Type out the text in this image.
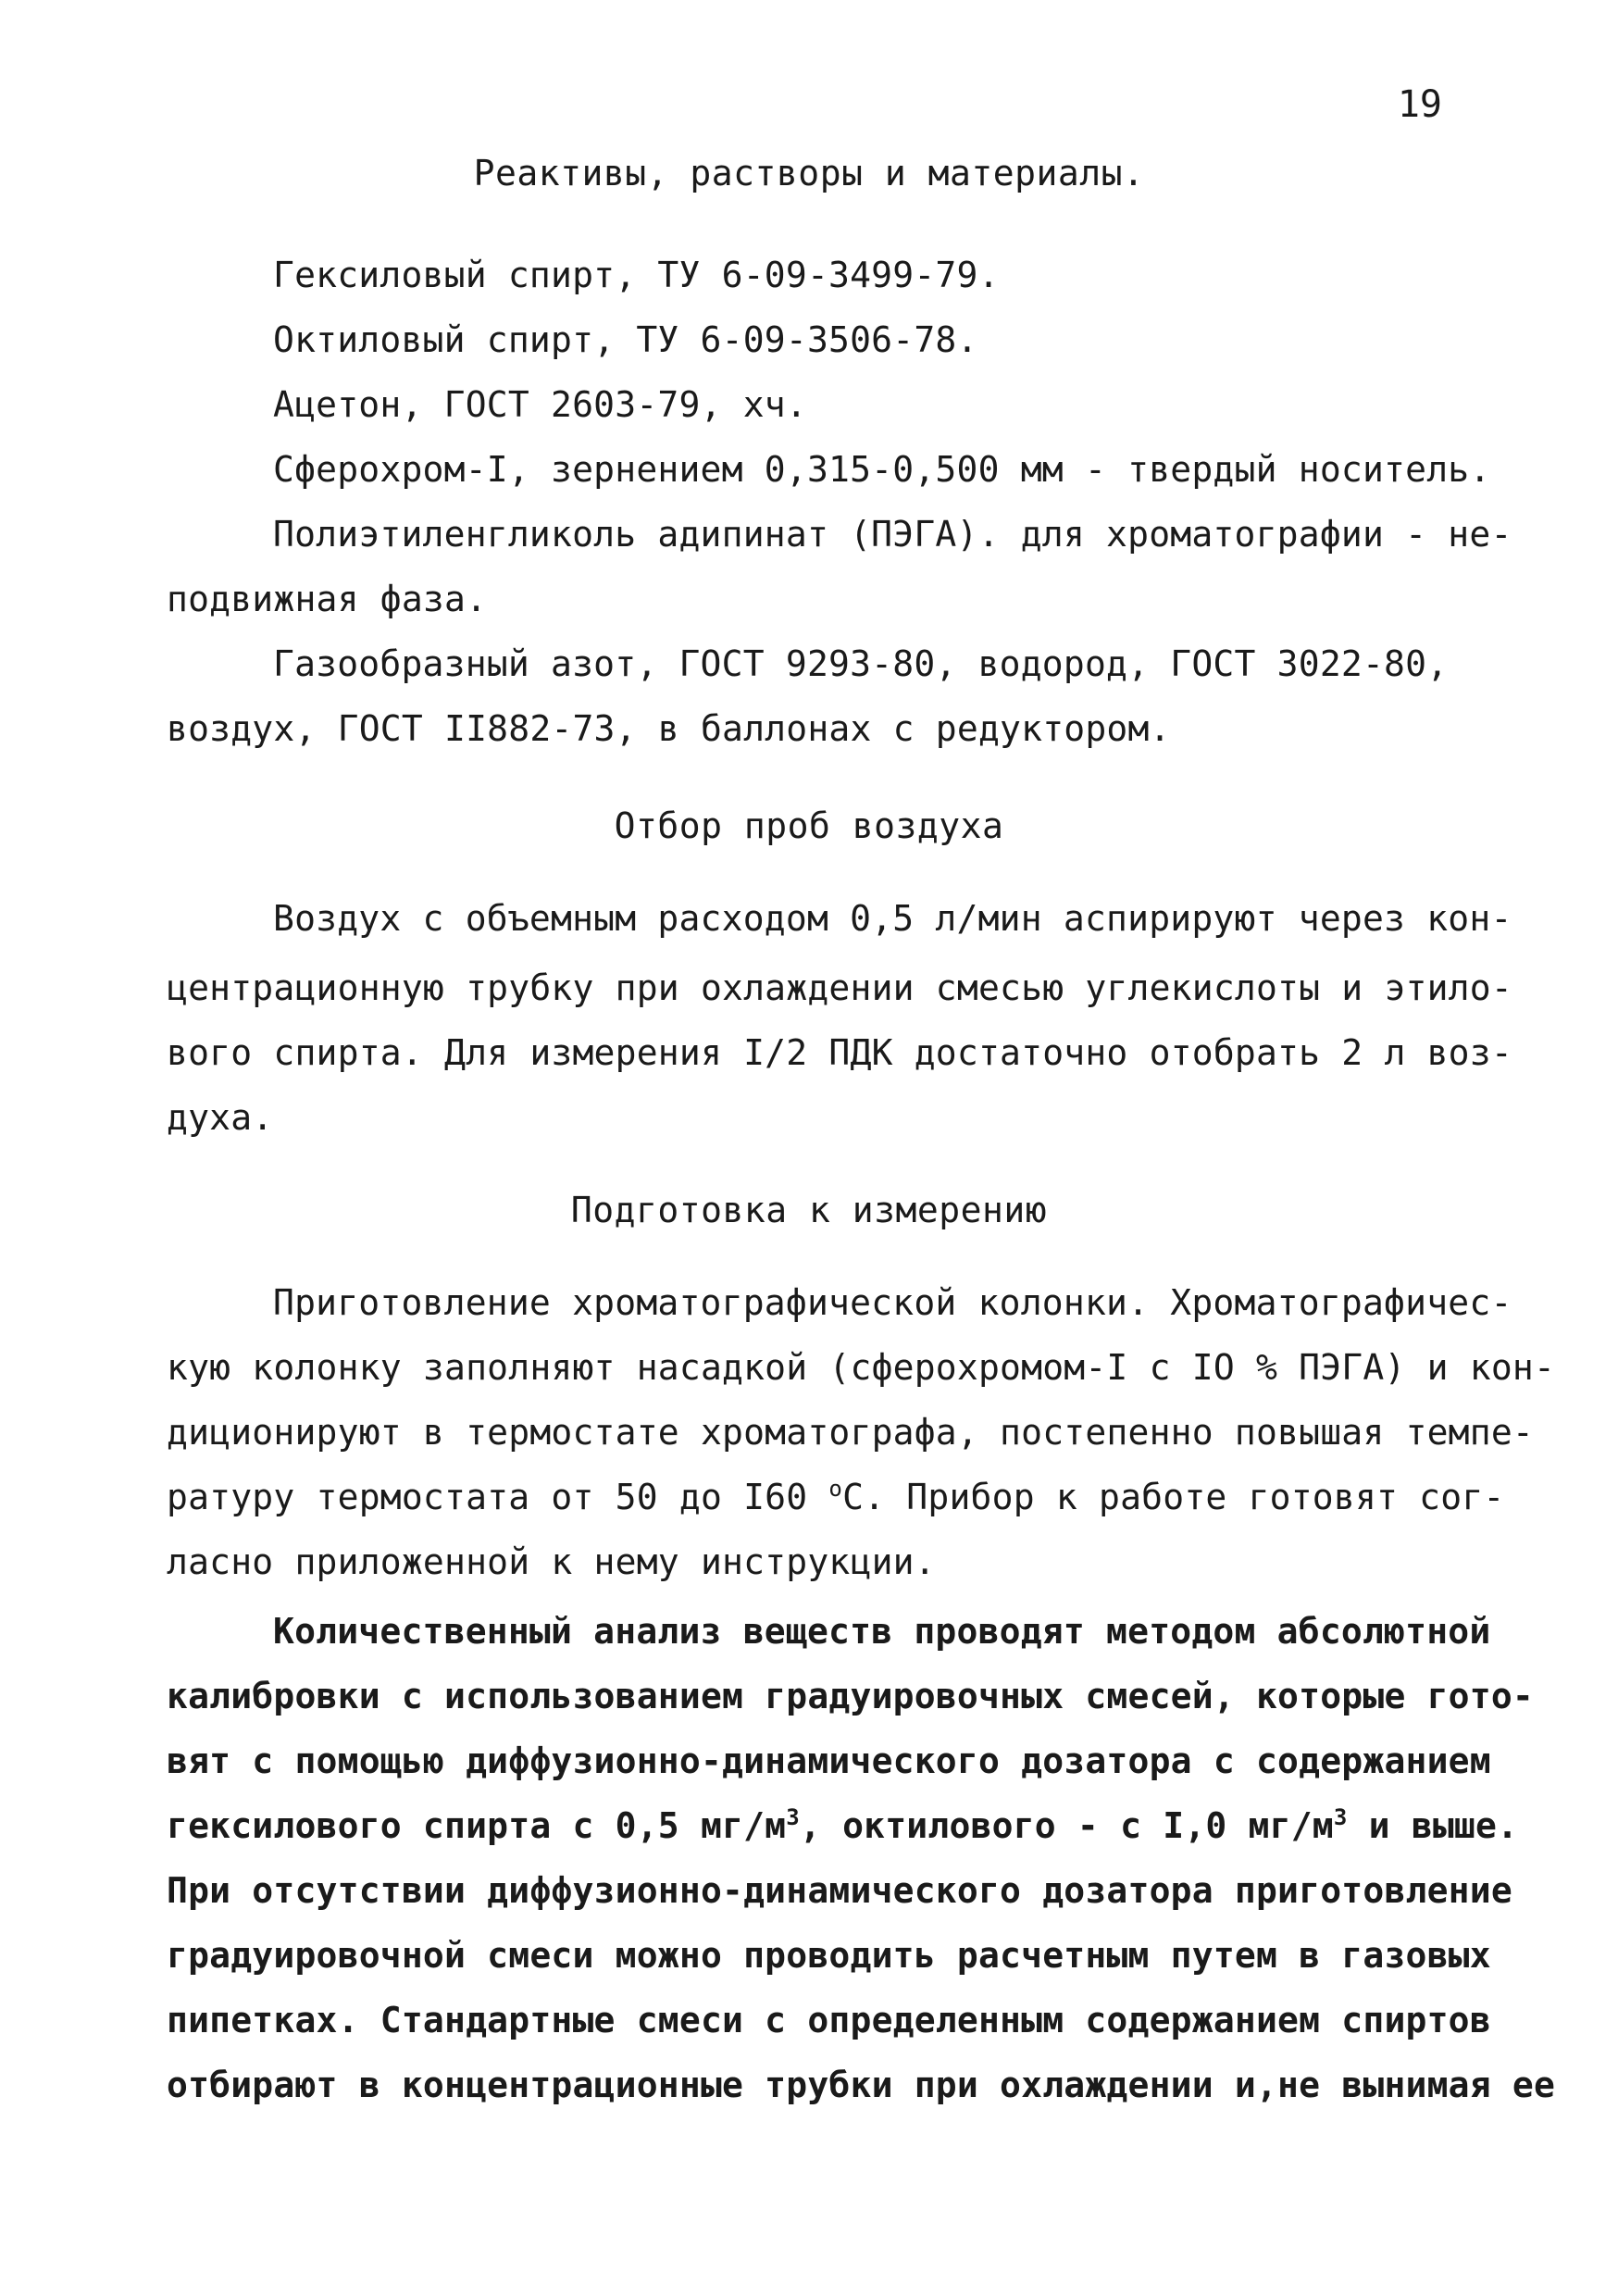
19
Реактивы, растворы и материалы.
Гексиловый спирт, ТУ 6-09-3499-79.
Октиловый спирт, ТУ 6-09-3506-78.
Ацетон, ГОСТ 2603-79, хч.
Сферохром-I, зернением 0,315-0,500 мм - твердый носитель.
Полиэтиленгликоль адипинат (ПЭГА). для хроматографии - не-
подвижная фаза.
Газообразный азот, ГОСТ 9293-80, водород, ГОСТ 3022-80,
воздух, ГОСТ II882-73, в баллонах с редуктором.
Отбор проб воздуха
Воздух с объемным расходом 0,5 л/мин аспирируют через кон-
центрационную трубку при охлаждении смесью углекислоты и этило-
вого спирта. Для измерения I/2 ПДК достаточно отобрать 2 л воз-
духа.
Подготовка к измерению
Приготовление хроматографической колонки. Хроматографичес-
кую колонку заполняют насадкой (сферохромом-I с IO % ПЭГА) и кон-
диционируют в термостате хроматографа, постепенно повышая темпе-
ратуру термостата от 50 до I60 $^o$С. Прибор к работе готовят сог-
ласно приложенной к нему инструкции.
Количественный анализ веществ проводят методом абсолютной
калибровки с использованием градуировочных смесей, которые гото-
вят с помощью диффузионно-динамического дозатора с содержанием
гексилового спирта с 0,5 $мг/м^3$, октилового - с I,0 $мг/м^3$ и выше.
При отсутствии диффузионно-динамического дозатора приготовление
градуировочной смеси можно проводить расчетным путем в газовых
пипетках. Стандартные смеси с определенным содержанием спиртов
отбирают в концентрационные трубки при охлаждении и,не вынимая ее
